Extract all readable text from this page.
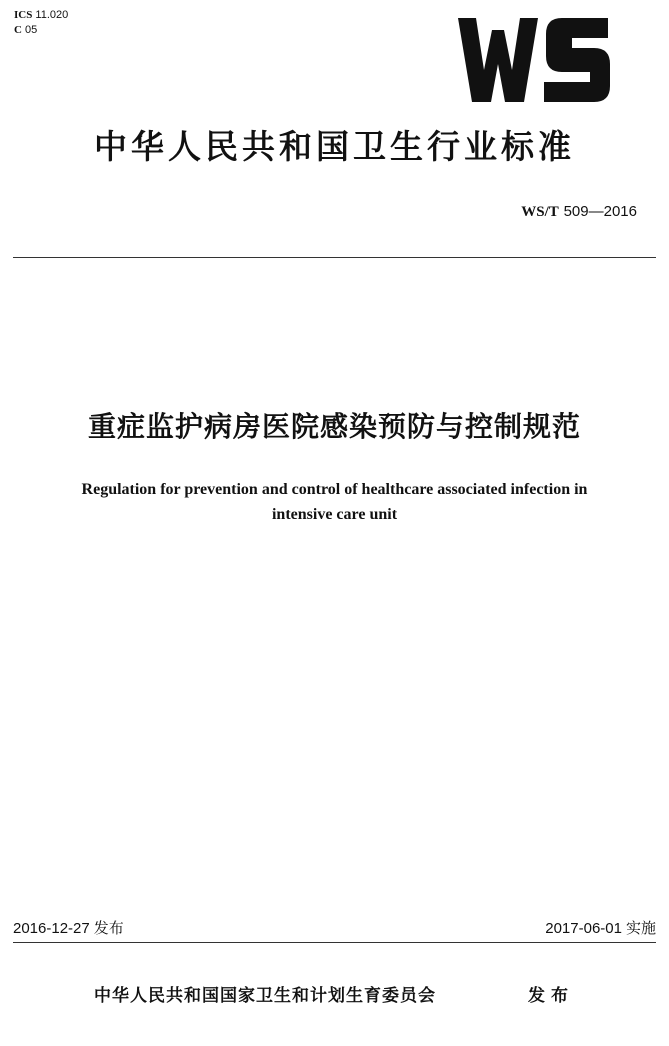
ICS 11.020
C 05
中华人民共和国卫生行业标准
WS/T 509—2016
重症监护病房医院感染预防与控制规范
Regulation for prevention and control of healthcare associated infection in
intensive care unit
2016-12-27 发布	2017-06-01 实施
中华人民共和国国家卫生和计划生育委员会	发布
